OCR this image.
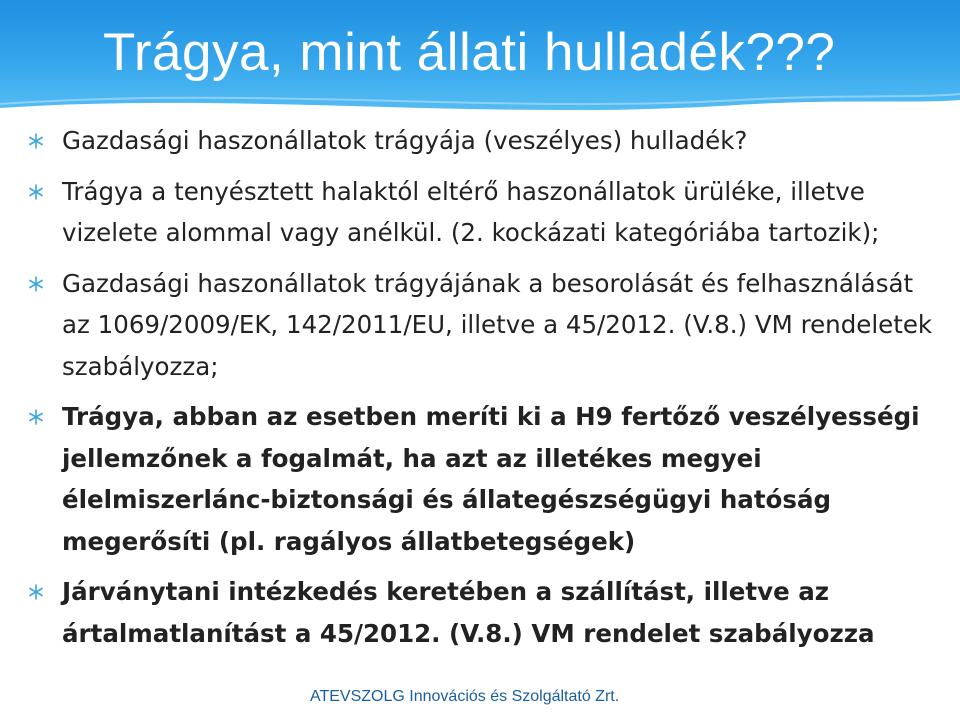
Trágya, mint állati hulladék???
Gazdasági haszonállatok trágyája (veszélyes) hulladék?
Trágya a tenyésztett halaktól eltérő haszonállatok ürüléke, illetve vizelete alommal vagy anélkül. (2. kockázati kategóriába tartozik);
Gazdasági haszonállatok trágyájának a besorolását és felhasználását az 1069/2009/EK, 142/2011/EU, illetve a 45/2012. (V.8.) VM rendeletek szabályozza;
Trágya, abban az esetben meríti ki a H9 fertőző veszélyességi jellemzőnek a fogalmát, ha azt az illetékes megyei élelmiszerlánc-biztonsági és állategészségügyi hatóság megerősíti (pl. ragályos állatbetegségek)
Járványtani intézkedés keretében a szállítást, illetve az ártalmatlanítást a 45/2012. (V.8.) VM rendelet szabályozza
ATEVSZOLG Innovációs és Szolgáltató Zrt.
